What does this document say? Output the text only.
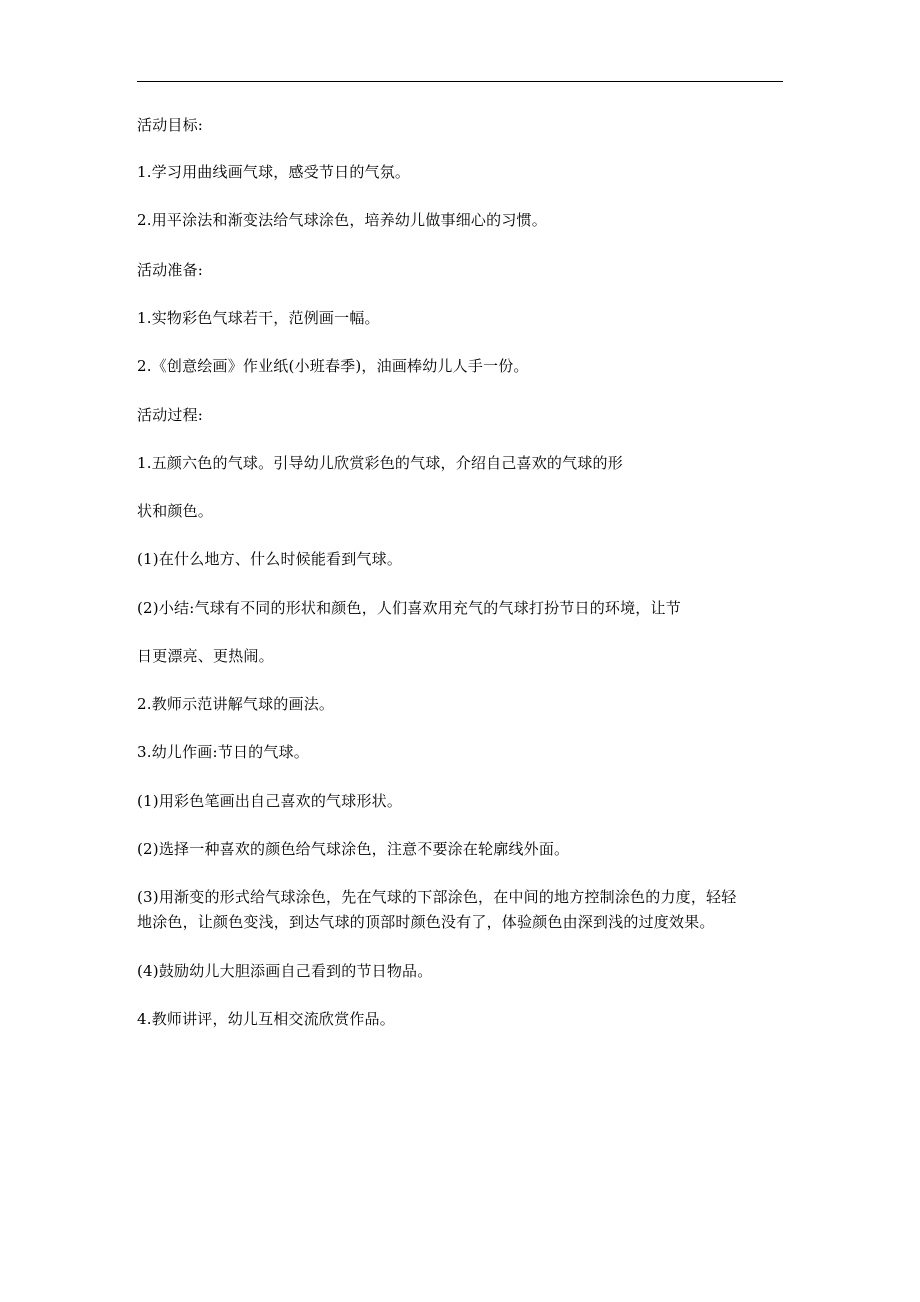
活动目标:
1.学习用曲线画气球，感受节日的气氛。
2.用平涂法和渐变法给气球涂色，培养幼儿做事细心的习惯。
活动准备:
1.实物彩色气球若干，范例画一幅。
2.《创意绘画》作业纸(小班春季)，油画棒幼儿人手一份。
活动过程:
1.五颜六色的气球。引导幼儿欣赏彩色的气球，介绍自己喜欢的气球的形
状和颜色。
(1)在什么地方、什么时候能看到气球。
(2)小结:气球有不同的形状和颜色，人们喜欢用充气的气球打扮节日的环境，让节
日更漂亮、更热闹。
2.教师示范讲解气球的画法。
3.幼儿作画:节日的气球。
(1)用彩色笔画出自己喜欢的气球形状。
(2)选择一种喜欢的颜色给气球涂色，注意不要涂在轮廓线外面。
(3)用渐变的形式给气球涂色，先在气球的下部涂色，在中间的地方控制涂色的力度，轻轻
地涂色，让颜色变浅，到达气球的顶部时颜色没有了，体验颜色由深到浅的过度效果。
(4)鼓励幼儿大胆添画自己看到的节日物品。
4.教师讲评，幼儿互相交流欣赏作品。
